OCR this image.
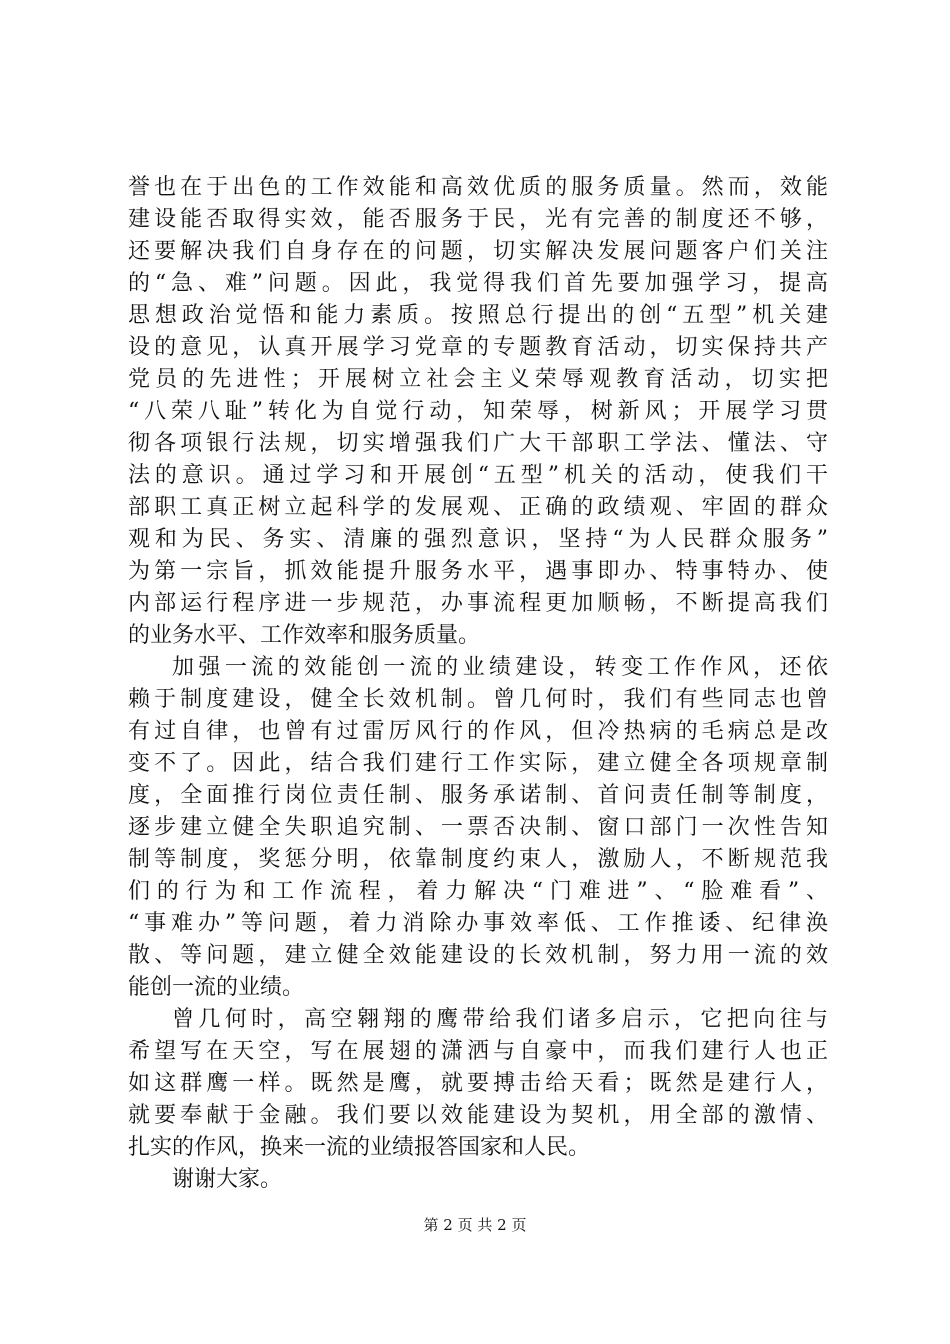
誉也在于出色的工作效能和高效优质的服务质量。然而，效能
建设能否取得实效，能否服务于民，光有完善的制度还不够，
还要解决我们自身存在的问题，切实解决发展问题客户们关注
的“急、难”问题。因此，我觉得我们首先要加强学习，提高
思想政治觉悟和能力素质。按照总行提出的创“五型”机关建
设的意见，认真开展学习党章的专题教育活动，切实保持共产
党员的先进性；开展树立社会主义荣辱观教育活动，切实把
“八荣八耻”转化为自觉行动，知荣辱，树新风；开展学习贯
彻各项银行法规，切实增强我们广大干部职工学法、懂法、守
法的意识。通过学习和开展创“五型”机关的活动，使我们干
部职工真正树立起科学的发展观、正确的政绩观、牢固的群众
观和为民、务实、清廉的强烈意识，坚持“为人民群众服务”
为第一宗旨，抓效能提升服务水平，遇事即办、特事特办、使
内部运行程序进一步规范，办事流程更加顺畅，不断提高我们
的业务水平、工作效率和服务质量。
加强一流的效能创一流的业绩建设，转变工作作风，还依
赖于制度建设，健全长效机制。曾几何时，我们有些同志也曾
有过自律，也曾有过雷厉风行的作风，但冷热病的毛病总是改
变不了。因此，结合我们建行工作实际，建立健全各项规章制
度，全面推行岗位责任制、服务承诺制、首问责任制等制度，
逐步建立健全失职追究制、一票否决制、窗口部门一次性告知
制等制度，奖惩分明，依靠制度约束人，激励人，不断规范我
们的行为和工作流程，着力解决“门难进”、“脸难看”、
“事难办”等问题，着力消除办事效率低、工作推诿、纪律涣
散、等问题，建立健全效能建设的长效机制，努力用一流的效
能创一流的业绩。
曾几何时，高空翱翔的鹰带给我们诸多启示，它把向往与
希望写在天空，写在展翅的潇洒与自豪中，而我们建行人也正
如这群鹰一样。既然是鹰，就要搏击给天看；既然是建行人，
就要奉献于金融。我们要以效能建设为契机，用全部的激情、
扎实的作风，换来一流的业绩报答国家和人民。
谢谢大家。
第 2 页 共 2 页
